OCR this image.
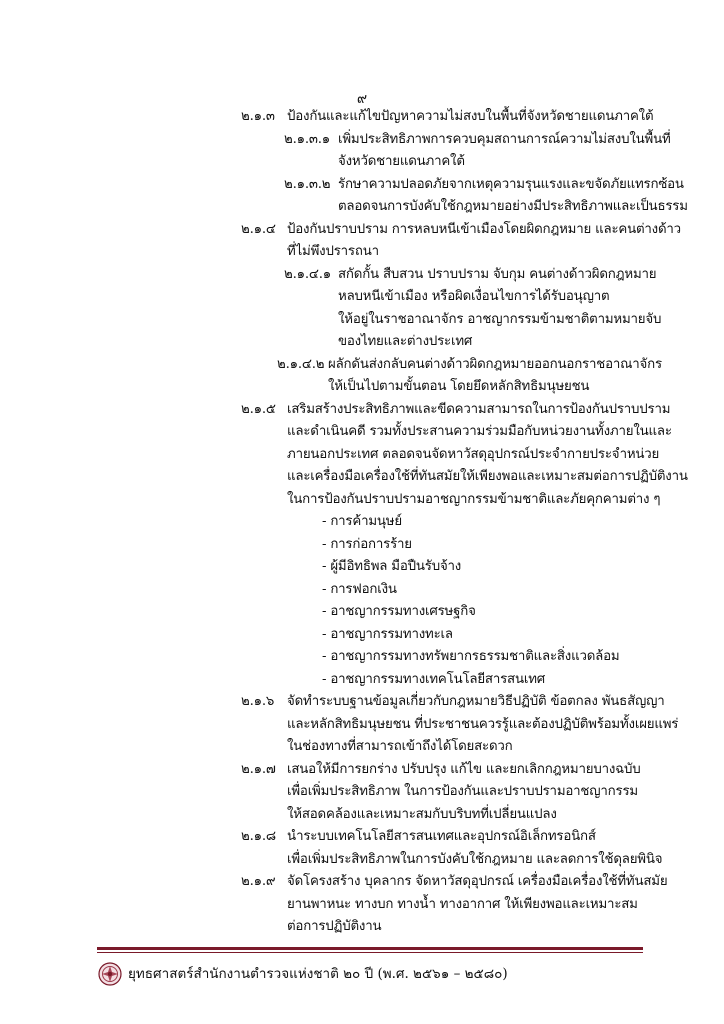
๙
๒.๑.๓ ป้องกันและแก้ไขปัญหาความไม่สงบในพื้นที่จังหวัดชายแดนภาคใต้
๒.๑.๓.๑ เพิ่มประสิทธิภาพการควบคุมสถานการณ์ความไม่สงบในพื้นที่
จังหวัดชายแดนภาคใต้
๒.๑.๓.๒ รักษาความปลอดภัยจากเหตุความรุนแรงและขจัดภัยแทรกซ้อน
ตลอดจนการบังคับใช้กฎหมายอย่างมีประสิทธิภาพและเป็นธรรม
๒.๑.๔ ป้องกันปราบปราม การหลบหนีเข้าเมืองโดยผิดกฎหมาย และคนต่างด้าว
ที่ไม่พึงปรารถนา
๒.๑.๔.๑ สกัดกั้น สืบสวน ปราบปราม จับกุม คนต่างด้าวผิดกฎหมาย
หลบหนีเข้าเมือง หรือผิดเงื่อนไขการได้รับอนุญาต
ให้อยู่ในราชอาณาจักร อาชญากรรมข้ามชาติตามหมายจับ
ของไทยและต่างประเทศ
๒.๑.๔.๒ ผลักดันส่งกลับคนต่างด้าวผิดกฎหมายออกนอกราชอาณาจักร
ให้เป็นไปตามขั้นตอน โดยยึดหลักสิทธิมนุษยชน
๒.๑.๕ เสริมสร้างประสิทธิภาพและขีดความสามารถในการป้องกันปราบปราม
และดำเนินคดี รวมทั้งประสานความร่วมมือกับหน่วยงานทั้งภายในและ
ภายนอกประเทศ ตลอดจนจัดหาวัสดุอุปกรณ์ประจำกายประจำหน่วย
และเครื่องมือเครื่องใช้ที่ทันสมัยให้เพียงพอและเหมาะสมต่อการปฏิบัติงาน
ในการป้องกันปราบปรามอาชญากรรมข้ามชาติและภัยคุกคามต่าง ๆ
- การค้ามนุษย์
- การก่อการร้าย
- ผู้มีอิทธิพล มือปืนรับจ้าง
- การฟอกเงิน
- อาชญากรรมทางเศรษฐกิจ
- อาชญากรรมทางทะเล
- อาชญากรรมทางทรัพยากรธรรมชาติและสิ่งแวดล้อม
- อาชญากรรมทางเทคโนโลยีสารสนเทศ
๒.๑.๖ จัดทำระบบฐานข้อมูลเกี่ยวกับกฎหมายวิธีปฏิบัติ ข้อตกลง พันธสัญญา
และหลักสิทธิมนุษยชน ที่ประชาชนควรรู้และต้องปฏิบัติพร้อมทั้งเผยแพร่
ในช่องทางที่สามารถเข้าถึงได้โดยสะดวก
๒.๑.๗ เสนอให้มีการยกร่าง ปรับปรุง แก้ไข และยกเลิกกฎหมายบางฉบับ
เพื่อเพิ่มประสิทธิภาพ ในการป้องกันและปราบปรามอาชญากรรม
ให้สอดคล้องและเหมาะสมกับบริบทที่เปลี่ยนแปลง
๒.๑.๘ นำระบบเทคโนโลยีสารสนเทศและอุปกรณ์อิเล็กทรอนิกส์
เพื่อเพิ่มประสิทธิภาพในการบังคับใช้กฎหมาย และลดการใช้ดุลยพินิจ
๒.๑.๙ จัดโครงสร้าง บุคลากร จัดหาวัสดุอุปกรณ์ เครื่องมือเครื่องใช้ที่ทันสมัย
ยานพาหนะ ทางบก ทางน้ำ ทางอากาศ ให้เพียงพอและเหมาะสม
ต่อการปฏิบัติงาน
ยุทธศาสตร์สำนักงานตำรวจแห่งชาติ ๒๐ ปี (พ.ศ. ๒๕๖๑ – ๒๕๘๐)
